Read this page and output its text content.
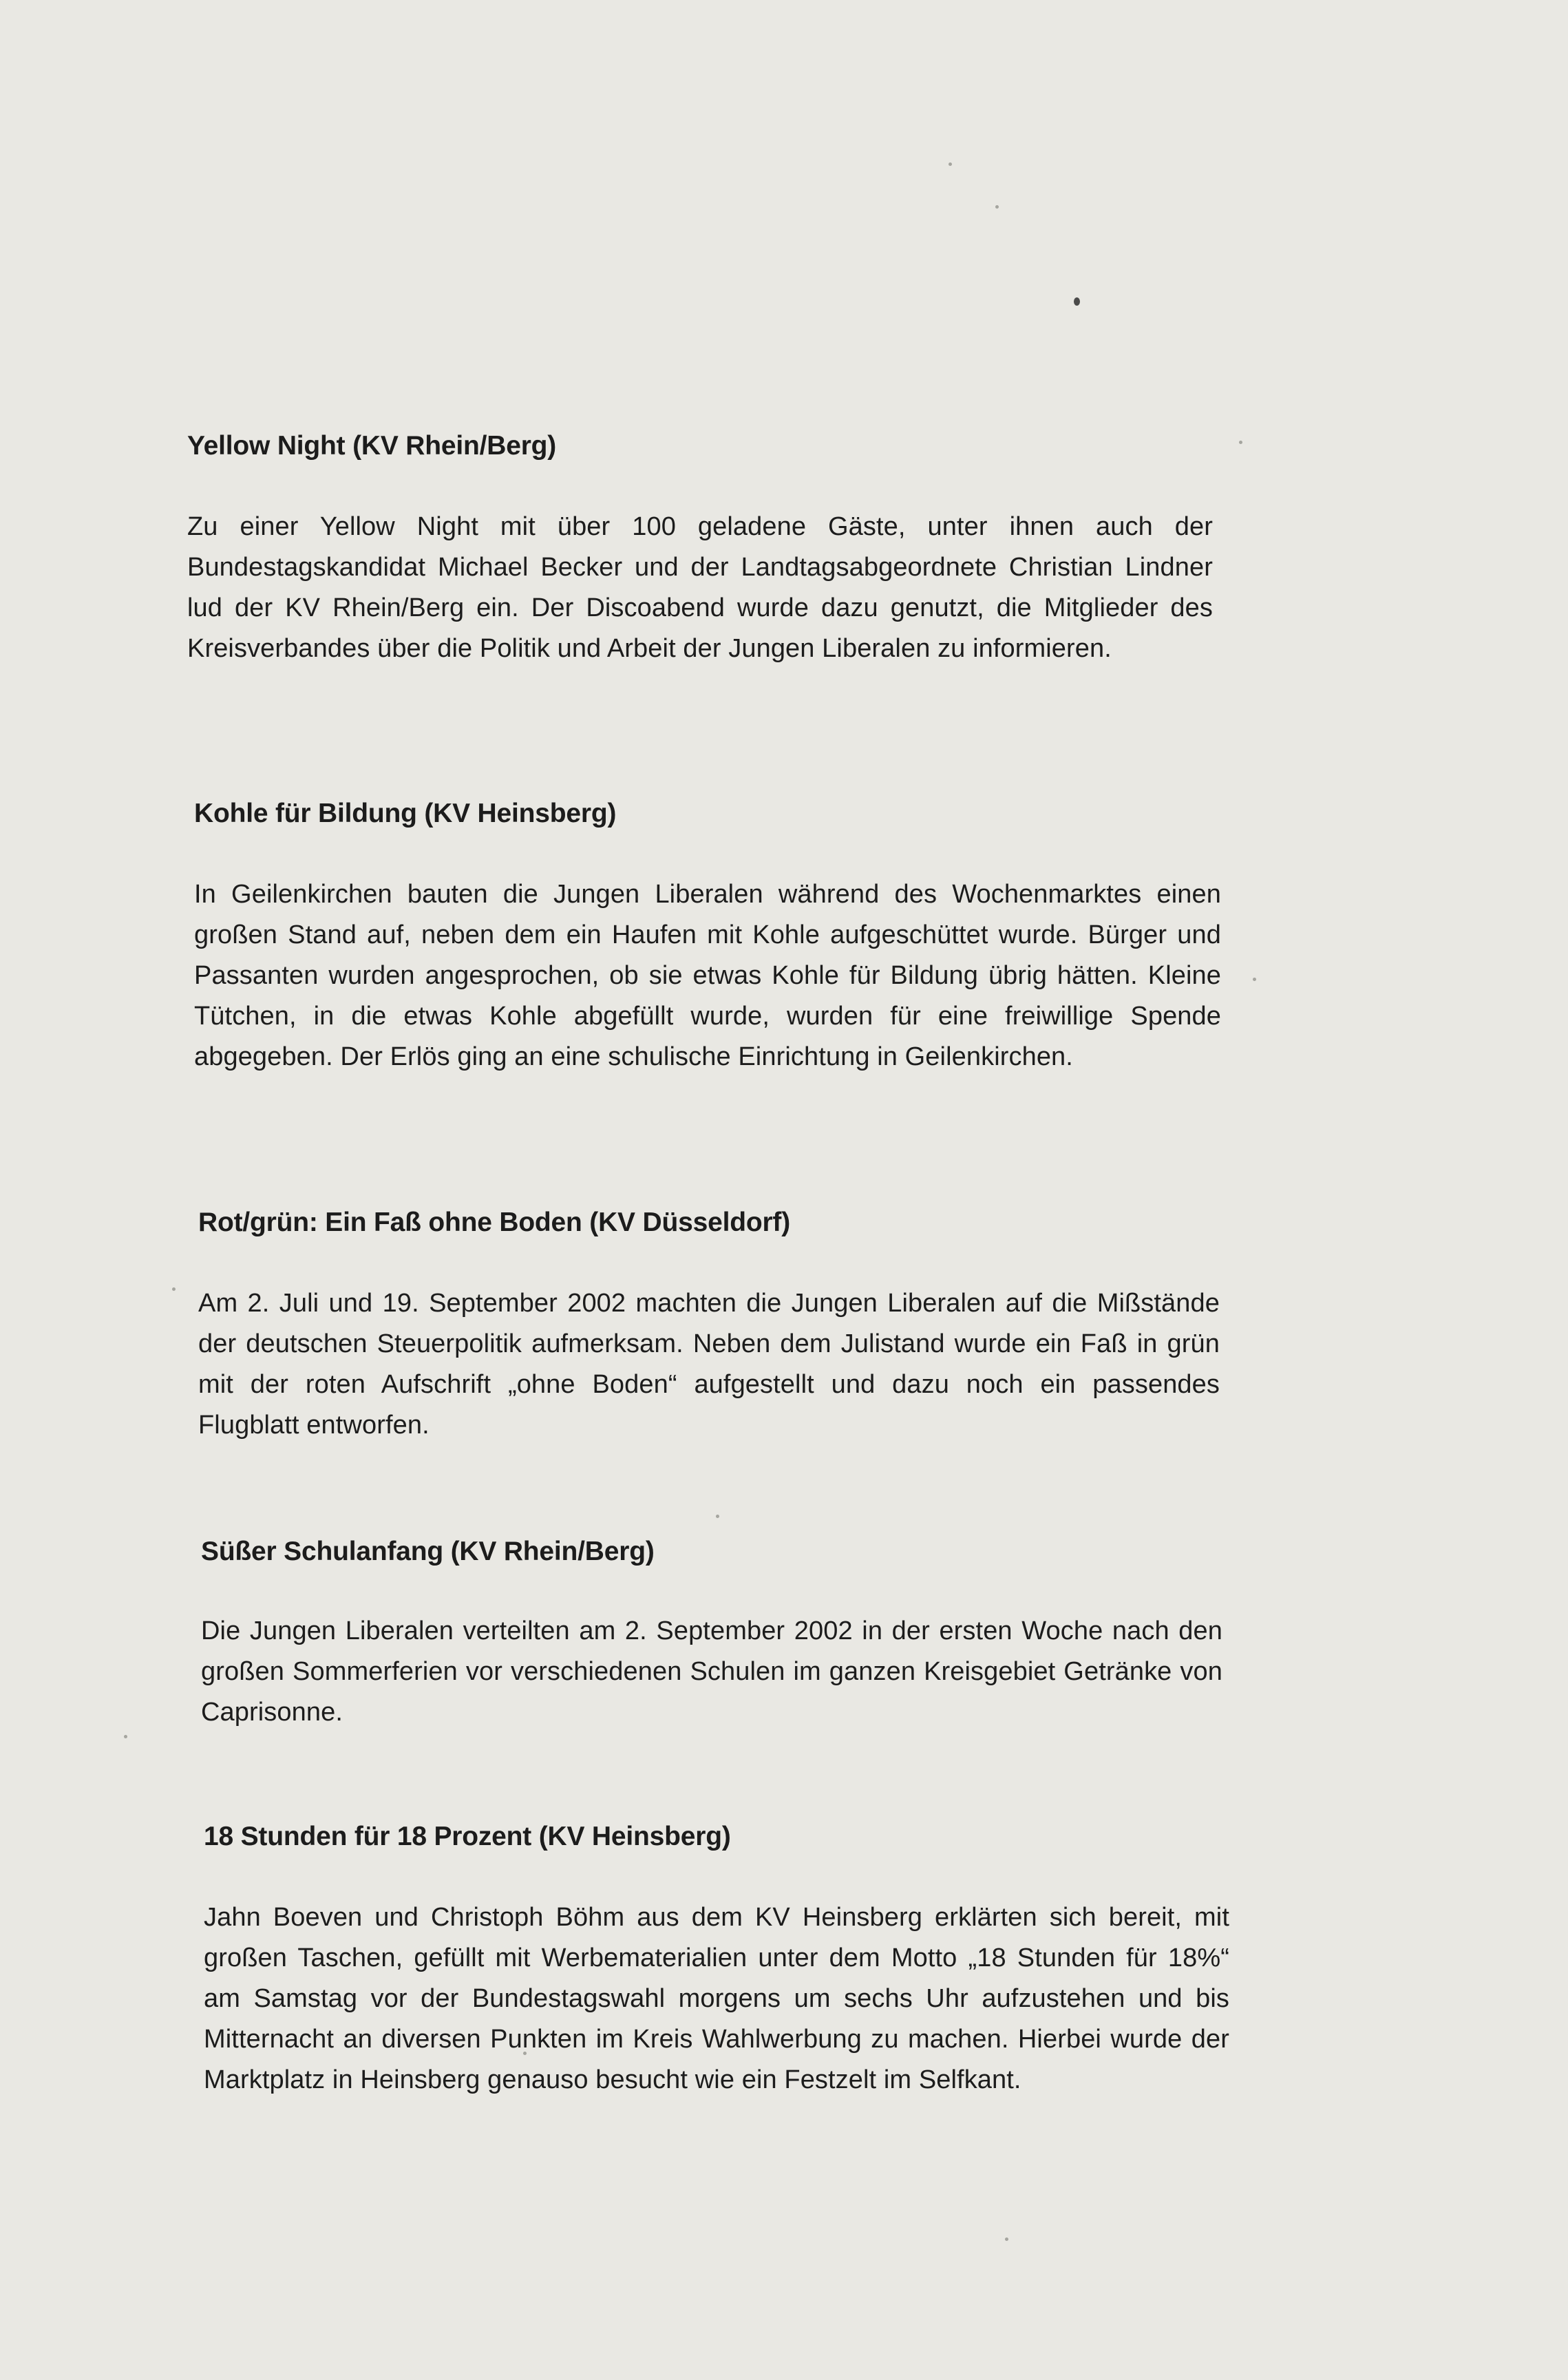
Yellow Night (KV Rhein/Berg)

Zu einer Yellow Night mit über 100 geladene Gäste, unter ihnen auch der Bundestagskandidat Michael Becker und der Landtagsabgeordnete Christian Lindner lud der KV Rhein/Berg ein. Der Discoabend wurde dazu genutzt, die Mitglieder des Kreisverbandes über die Politik und Arbeit der Jungen Liberalen zu informieren.

Kohle für Bildung (KV Heinsberg)

In Geilenkirchen bauten die Jungen Liberalen während des Wochenmarktes einen großen Stand auf, neben dem ein Haufen mit Kohle aufgeschüttet wurde. Bürger und Passanten wurden angesprochen, ob sie etwas Kohle für Bildung übrig hätten. Kleine Tütchen, in die etwas Kohle abgefüllt wurde, wurden für eine freiwillige Spende abgegeben. Der Erlös ging an eine schulische Einrichtung in Geilenkirchen.

Rot/grün: Ein Faß ohne Boden (KV Düsseldorf)

Am 2. Juli und 19. September 2002 machten die Jungen Liberalen auf die Mißstände der deutschen Steuerpolitik aufmerksam. Neben dem Julistand wurde ein Faß in grün mit der roten Aufschrift „ohne Boden“ aufgestellt und dazu noch ein passendes Flugblatt entworfen.

Süßer Schulanfang (KV Rhein/Berg)

Die Jungen Liberalen verteilten am 2. September 2002 in der ersten Woche nach den großen Sommerferien vor verschiedenen Schulen im ganzen Kreisgebiet Getränke von Caprisonne.

18 Stunden für 18 Prozent (KV Heinsberg)

Jahn Boeven und Christoph Böhm aus dem KV Heinsberg erklärten sich bereit, mit großen Taschen, gefüllt mit Werbematerialien unter dem Motto „18 Stunden für 18%“ am Samstag vor der Bundestagswahl morgens um sechs Uhr aufzustehen und bis Mitternacht an diversen Punkten im Kreis Wahlwerbung zu machen. Hierbei wurde der Marktplatz in Heinsberg genauso besucht wie ein Festzelt im Selfkant.
